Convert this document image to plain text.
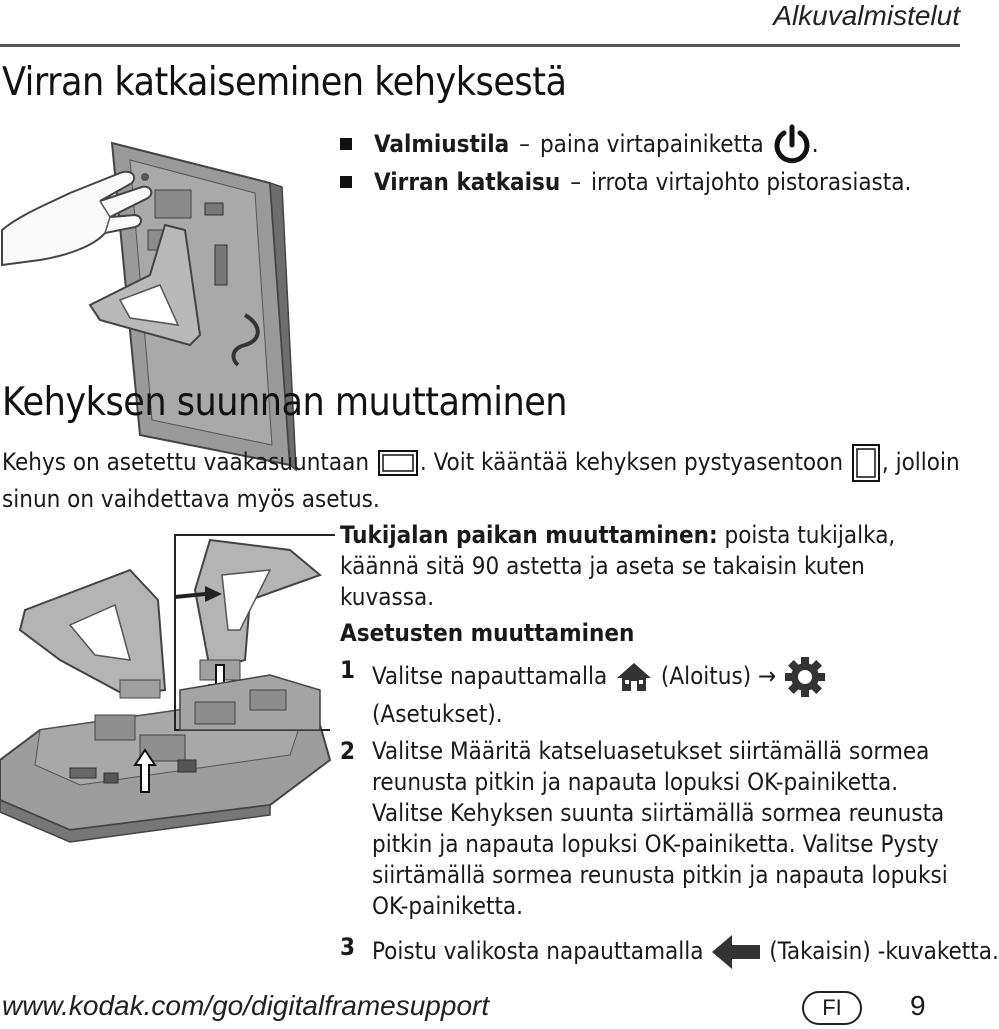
Alkuvalmistelut
Virran katkaiseminen kehyksestä
Valmiustila – paina virtapainiketta .
Virran katkaisu – irrota virtajohto pistorasiasta.
Kehyksen suunnan muuttaminen
Kehys on asetettu vaakasuuntaan . Voit kääntää kehyksen pystyasentoon , jolloin
sinun on vaihdettava myös asetus.
Tukijalan paikan muuttaminen: poista tukijalka,
käännä sitä 90 astetta ja aseta se takaisin kuten kuvassa.
Asetusten muuttaminen
1 Valitse napauttamalla (Aloitus) →
(Asetukset).
2 Valitse Määritä katseluasetukset siirtämällä sormea
reunusta pitkin ja napauta lopuksi OK-painiketta.
Valitse Kehyksen suunta siirtämällä sormea reunusta
pitkin ja napauta lopuksi OK-painiketta. Valitse Pysty
siirtämällä sormea reunusta pitkin ja napauta lopuksi
OK-painiketta.
3 Poistu valikosta napauttamalla	(Takaisin) -kuvaketta.
www.kodak.com/go/digitalframesupport	FI	9
